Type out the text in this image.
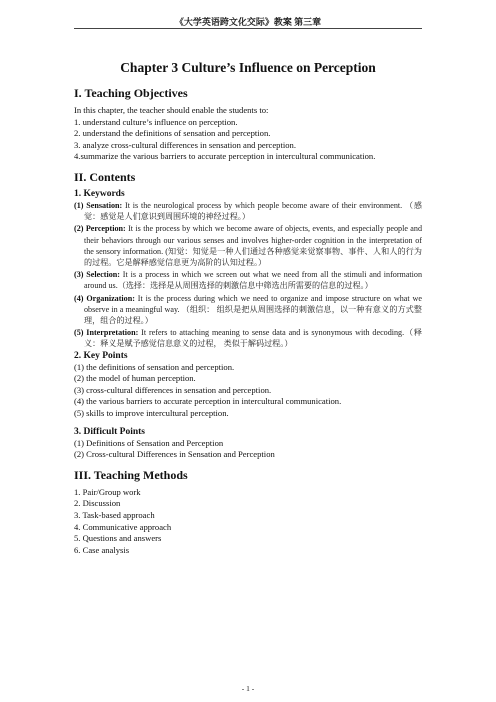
《大学英语跨文化交际》教案 第三章
Chapter 3 Culture’s Influence on Perception
I. Teaching Objectives

In this chapter, the teacher should enable the students to:

1. understand culture’s influence on perception.
2. understand the definitions of sensation and perception.
3. analyze cross-cultural differences in sensation and perception.
4.summarize the various barriers to accurate perception in intercultural communication.
II. Contents
1. Keywords

(1) Sensation: It is the neurological process by which people become aware of their environment. （感觉：感觉是人们意识到周围环境的神经过程。）

(2) Perception: It is the process by which we become aware of objects, events, and especially people and their behaviors through our various senses and involves higher-order cognition in the interpretation of the sensory information. (知觉：知觉是一种人们通过各种感觉来觉察事物、事件、人和人的行为的过程。它是解释感觉信息更为高阶的认知过程。）

(3) Selection: It is a process in which we screen out what we need from all the stimuli and information around us.（选择：选择是从周围选择的刺激信息中筛选出所需要的信息的过程。）

(4) Organization: It is the process during which we need to organize and impose structure on what we observe in a meaningful way. （组织： 组织是把从周围选择的刺激信息，以一种有意义的方式整理，组合的过程。）

(5) Interpretation: It refers to attaching meaning to sense data and is synonymous with decoding.（释义：释义是赋予感觉信息意义的过程， 类似于解码过程。）

2. Key Points
(1) the definitions of sensation and perception.
(2) the model of human perception.
(3) cross-cultural differences in sensation and perception.
(4) the various barriers to accurate perception in intercultural communication.
(5) skills to improve intercultural perception.
3. Difficult Points
(1) Definitions of Sensation and Perception
(2) Cross-cultural Differences in Sensation and Perception
III. Teaching Methods
1. Pair/Group work
2. Discussion
3. Task-based approach
4. Communicative approach
5. Questions and answers
6. Case analysis
- 1 -
